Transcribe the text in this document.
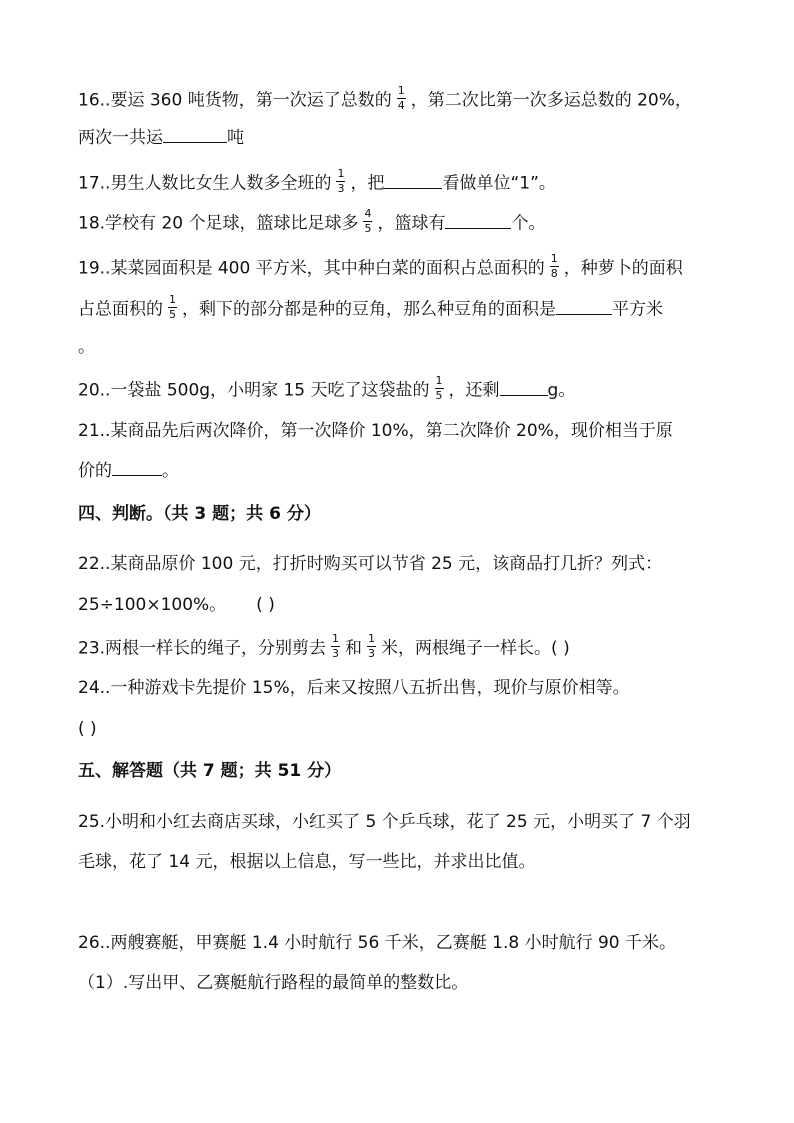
16..要运 360 吨货物，第一次运了总数的 $\frac{1}{4}$ ，第二次比第一次多运总数的 20%，
两次一共运	吨
17..男生人数比女生人数多全班的 $\frac{1}{3}$ ，把	看做单位“1”。
18.学校有 20 个足球，篮球比足球多 $\frac{4}{5}$ ，篮球有	个。
19..某菜园面积是 400 平方米，其中种白菜的面积占总面积的 $\frac{1}{8}$ ，种萝卜的面积
占总面积的 $\frac{1}{5}$ ，剩下的部分都是种的豆角，那么种豆角的面积是	平方米
。
20..一袋盐 500g，小明家 15 天吃了这袋盐的 $\frac{1}{5}$ ，还剩	g。
21..某商品先后两次降价，第一次降价 10%，第二次降价 20%，现价相当于原
价的	。
四、判断。（共 3 题；共 6 分）
22..某商品原价 100 元，打折时购买可以节省 25 元，该商品打几折？列式：
25÷100×100%。 ( )
23.两根一样长的绳子，分别剪去 $\frac{1}{3}$ 和 $\frac{1}{3}$ 米，两根绳子一样长。( )
24..一种游戏卡先提价 15%，后来又按照八五折出售，现价与原价相等。
( )
五、解答题（共 7 题；共 51 分）
25.小明和小红去商店买球，小红买了 5 个乒乓球，花了 25 元，小明买了 7 个羽
毛球，花了 14 元，根据以上信息，写一些比，并求出比值。
26..两艘赛艇，甲赛艇 1.4 小时航行 56 千米，乙赛艇 1.8 小时航行 90 千米。
（1）.写出甲、乙赛艇航行路程的最简单的整数比。
